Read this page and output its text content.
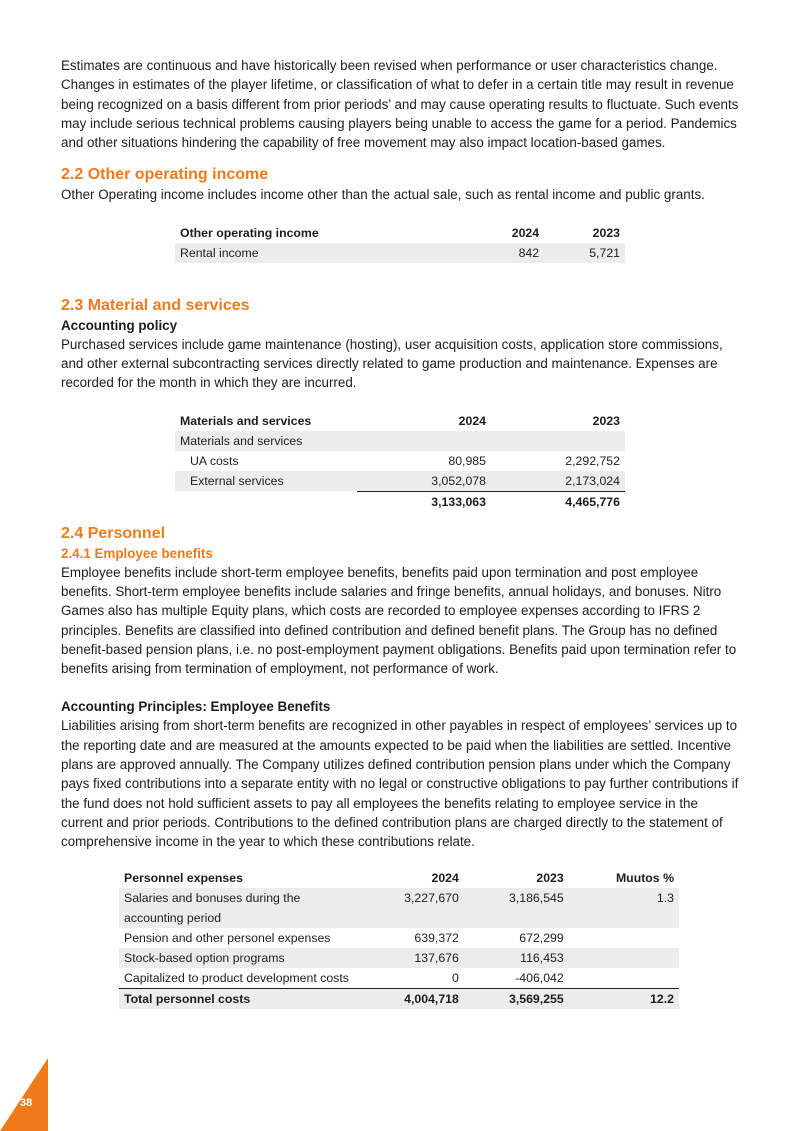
Estimates are continuous and have historically been revised when performance or user characteristics change. Changes in estimates of the player lifetime, or classification of what to defer in a certain title may result in revenue being recognized on a basis different from prior periods’ and may cause operating results to fluctuate. Such events may include serious technical problems causing players being unable to access the game for a period. Pandemics and other situations hindering the capability of free movement may also impact location-based games.

2.2 Other operating income

Other Operating income includes income other than the actual sale, such as rental income and public grants.

Other operating income	2024	2023
Rental income	842	5,721
2.3 Material and services
Accounting policy

Purchased services include game maintenance (hosting), user acquisition costs, application store commissions, and other external subcontracting services directly related to game production and maintenance. Expenses are recorded for the month in which they are incurred.

Materials and services	2024	2023
Materials and services		
UA costs	80,985	2,292,752
External services	3,052,078	2,173,024
	3,133,063	4,465,776
2.4 Personnel
2.4.1 Employee benefits

Employee benefits include short-term employee benefits, benefits paid upon termination and post employee benefits. Short-term employee benefits include salaries and fringe benefits, annual holidays, and bonuses. Nitro Games also has multiple Equity plans, which costs are recorded to employee expenses according to IFRS 2 principles. Benefits are classified into defined contribution and defined benefit plans. The Group has no defined benefit-based pension plans, i.e. no post-employment payment obligations. Benefits paid upon termination refer to benefits arising from termination of employment, not performance of work.

Accounting Principles: Employee Benefits

Liabilities arising from short-term benefits are recognized in other payables in respect of employees’ services up to the reporting date and are measured at the amounts expected to be paid when the liabilities are settled. Incentive plans are approved annually. The Company utilizes defined contribution pension plans under which the Company pays fixed contributions into a separate entity with no legal or constructive obligations to pay further contributions if the fund does not hold sufficient assets to pay all employees the benefits relating to employee service in the current and prior periods. Contributions to the defined contribution plans are charged directly to the statement of comprehensive income in the year to which these contributions relate.

Personnel expenses	2024	2023	Muutos %
Salaries and bonuses during the accounting period	3,227,670	3,186,545	1.3
Pension and other personel expenses	639,372	672,299	
Stock-based option programs	137,676	116,453	
Capitalized to product development costs	0	-406,042	
Total personnel costs	4,004,718	3,569,255	12.2
38
